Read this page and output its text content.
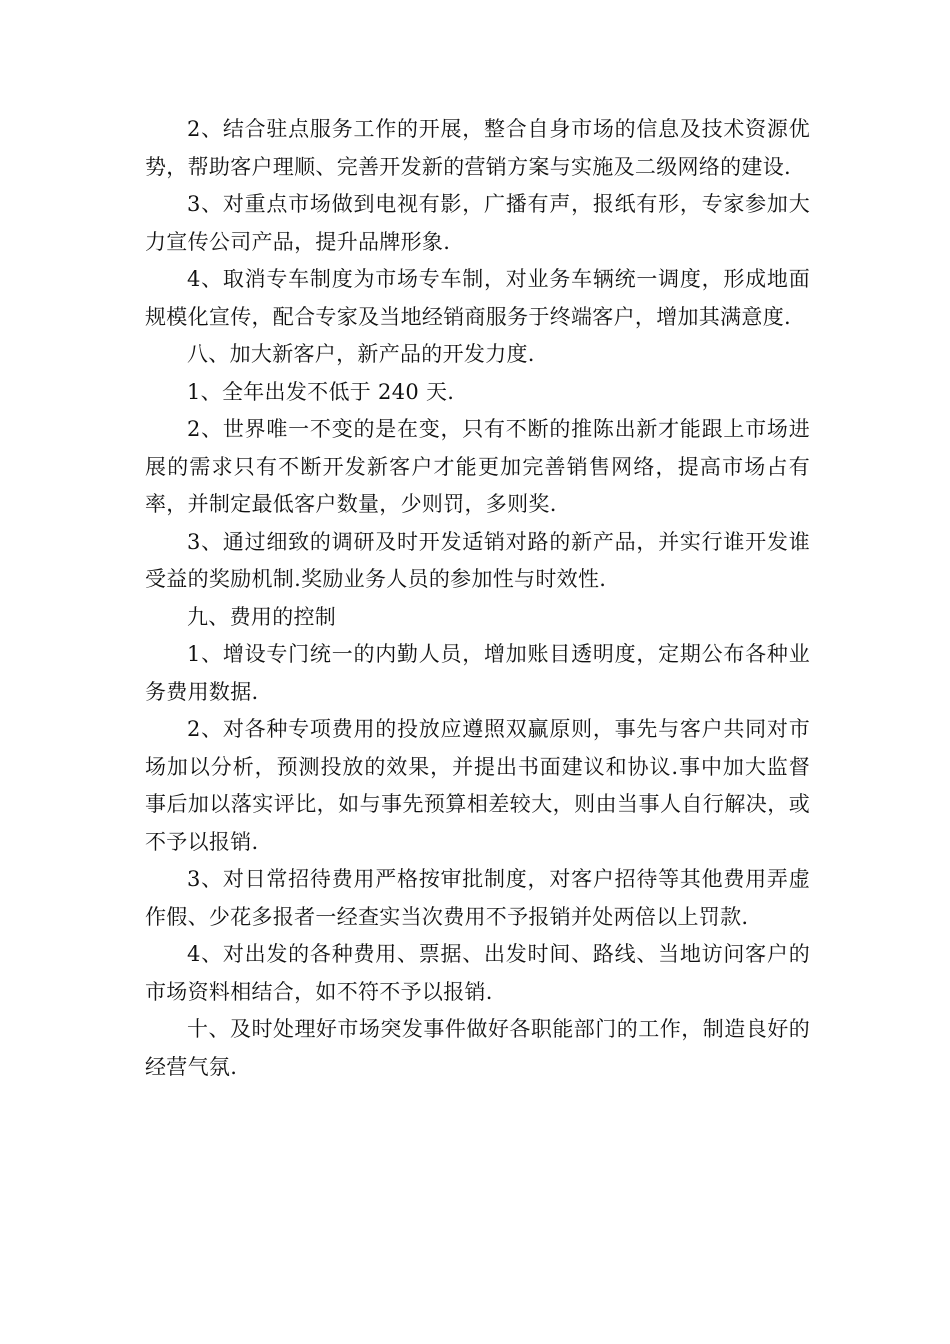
2、结合驻点服务工作的开展，整合自身市场的信息及技术资源优势，帮助客户理顺、完善开发新的营销方案与实施及二级网络的建设.

3、对重点市场做到电视有影，广播有声，报纸有形，专家参加大力宣传公司产品，提升品牌形象.

4、取消专车制度为市场专车制，对业务车辆统一调度，形成地面规模化宣传，配合专家及当地经销商服务于终端客户，增加其满意度.

八、加大新客户，新产品的开发力度.

1、全年出发不低于 240 天.

2、世界唯一不变的是在变，只有不断的推陈出新才能跟上市场进展的需求只有不断开发新客户才能更加完善销售网络，提高市场占有率，并制定最低客户数量，少则罚，多则奖.

3、通过细致的调研及时开发适销对路的新产品，并实行谁开发谁受益的奖励机制.奖励业务人员的参加性与时效性.

九、费用的控制

1、增设专门统一的内勤人员，增加账目透明度，定期公布各种业务费用数据.

2、对各种专项费用的投放应遵照双赢原则，事先与客户共同对市场加以分析，预测投放的效果，并提出书面建议和协议.事中加大监督事后加以落实评比，如与事先预算相差较大，则由当事人自行解决，或不予以报销.

3、对日常招待费用严格按审批制度，对客户招待等其他费用弄虚作假、少花多报者一经查实当次费用不予报销并处两倍以上罚款.

4、对出发的各种费用、票据、出发时间、路线、当地访问客户的市场资料相结合，如不符不予以报销.

十、及时处理好市场突发事件做好各职能部门的工作，制造良好的经营气氛.
